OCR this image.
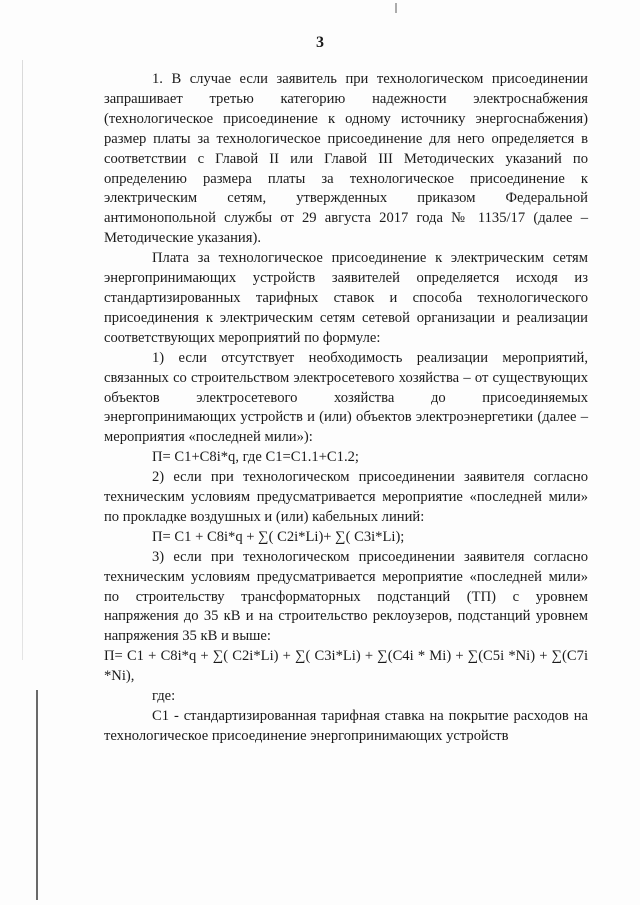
3

1. В случае если заявитель при технологическом присоединении запрашивает третью категорию надежности электроснабжения (технологическое присоединение к одному источнику энергоснабжения) размер платы за технологическое присоединение для него определяется в соответствии с Главой II или Главой III Методических указаний по определению размера платы за технологическое присоединение к электрическим сетям, утвержденных приказом Федеральной антимонопольной службы от 29 августа 2017 года № 1135/17 (далее – Методические указания).

Плата за технологическое присоединение к электрическим сетям энергопринимающих устройств заявителей определяется исходя из стандартизированных тарифных ставок и способа технологического присоединения к электрическим сетям сетевой организации и реализации соответствующих мероприятий по формуле:

1) если отсутствует необходимость реализации мероприятий, связанных со строительством электросетевого хозяйства – от существующих объектов электросетевого хозяйства до присоединяемых энергопринимающих устройств и (или) объектов электроэнергетики (далее – мероприятия «последней мили»):

П= C1+C8i*q, где C1=C1.1+C1.2;

2) если при технологическом присоединении заявителя согласно техническим условиям предусматривается мероприятие «последней мили» по прокладке воздушных и (или) кабельных линий:

П= C1 + C8i*q + ∑( C2i*Li)+ ∑( C3i*Li);

3) если при технологическом присоединении заявителя согласно техническим условиям предусматривается мероприятие «последней мили» по строительству трансформаторных подстанций (ТП) с уровнем напряжения до 35 кВ и на строительство реклоузеров, подстанций уровнем напряжения 35 кВ и выше:

П= C1 + C8i*q + ∑( C2i*Li) + ∑( C3i*Li) + ∑(C4i * Mi) + ∑(C5i *Ni) + ∑(C7i *Ni),

где:

C1 - стандартизированная тарифная ставка на покрытие расходов на технологическое присоединение энергопринимающих устройств
